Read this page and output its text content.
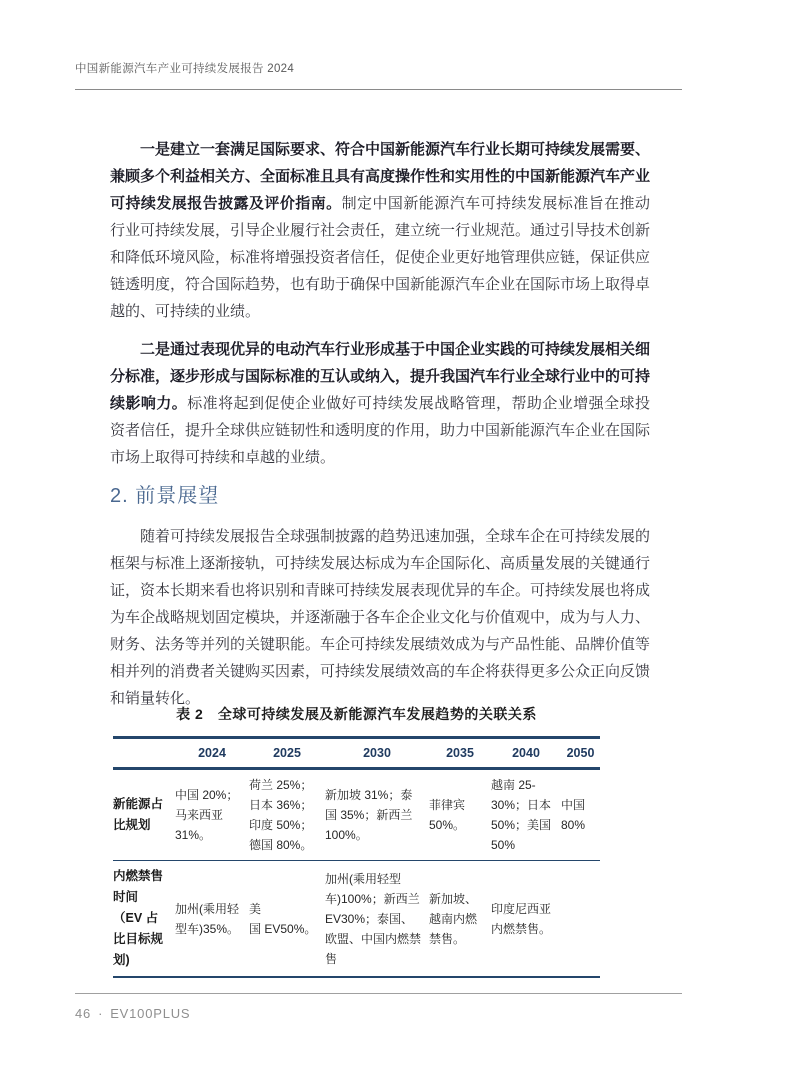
中国新能源汽车产业可持续发展报告 2024

一是建立一套满足国际要求、符合中国新能源汽车行业长期可持续发展需要、兼顾多个利益相关方、全面标准且具有高度操作性和实用性的中国新能源汽车产业可持续发展报告披露及评价指南。制定中国新能源汽车可持续发展标准旨在推动行业可持续发展，引导企业履行社会责任，建立统一行业规范。通过引导技术创新和降低环境风险，标准将增强投资者信任，促使企业更好地管理供应链，保证供应链透明度，符合国际趋势，也有助于确保中国新能源汽车企业在国际市场上取得卓越的、可持续的业绩。

二是通过表现优异的电动汽车行业形成基于中国企业实践的可持续发展相关细分标准，逐步形成与国际标准的互认或纳入，提升我国汽车行业全球行业中的可持续影响力。标准将起到促使企业做好可持续发展战略管理，帮助企业增强全球投资者信任，提升全球供应链韧性和透明度的作用，助力中国新能源汽车企业在国际市场上取得可持续和卓越的业绩。

2. 前景展望

随着可持续发展报告全球强制披露的趋势迅速加强，全球车企在可持续发展的框架与标准上逐渐接轨，可持续发展达标成为车企国际化、高质量发展的关键通行证，资本长期来看也将识别和青睐可持续发展表现优异的车企。可持续发展也将成为车企战略规划固定模块，并逐渐融于各车企企业文化与价值观中，成为与人力、财务、法务等并列的关键职能。车企可持续发展绩效成为与产品性能、品牌价值等相并列的消费者关键购买因素，可持续发展绩效高的车企将获得更多公众正向反馈和销量转化。

表 2　全球可持续发展及新能源汽车发展趋势的关联关系
	2024	2025	2030	2035	2040	2050
新能源占比规划	中国 20%；马来西亚 31%。	荷兰 25%；日本 36%；印度 50%；德国 80%。	新加坡 31%；泰国 35%；新西兰 100%。	菲律宾 50%。	越南 25-30%；日本 50%；美国 50%	中国 80%
内燃禁售时间（EV 占比目标规划)	加州(乘用轻型车)35%。	美国 EV50%。	加州(乘用轻型车)100%；新西兰 EV30%；泰国、欧盟、中国内燃禁售	新加坡、越南内燃禁售。	印度尼西亚内燃禁售。	
46 · EV100PLUS
